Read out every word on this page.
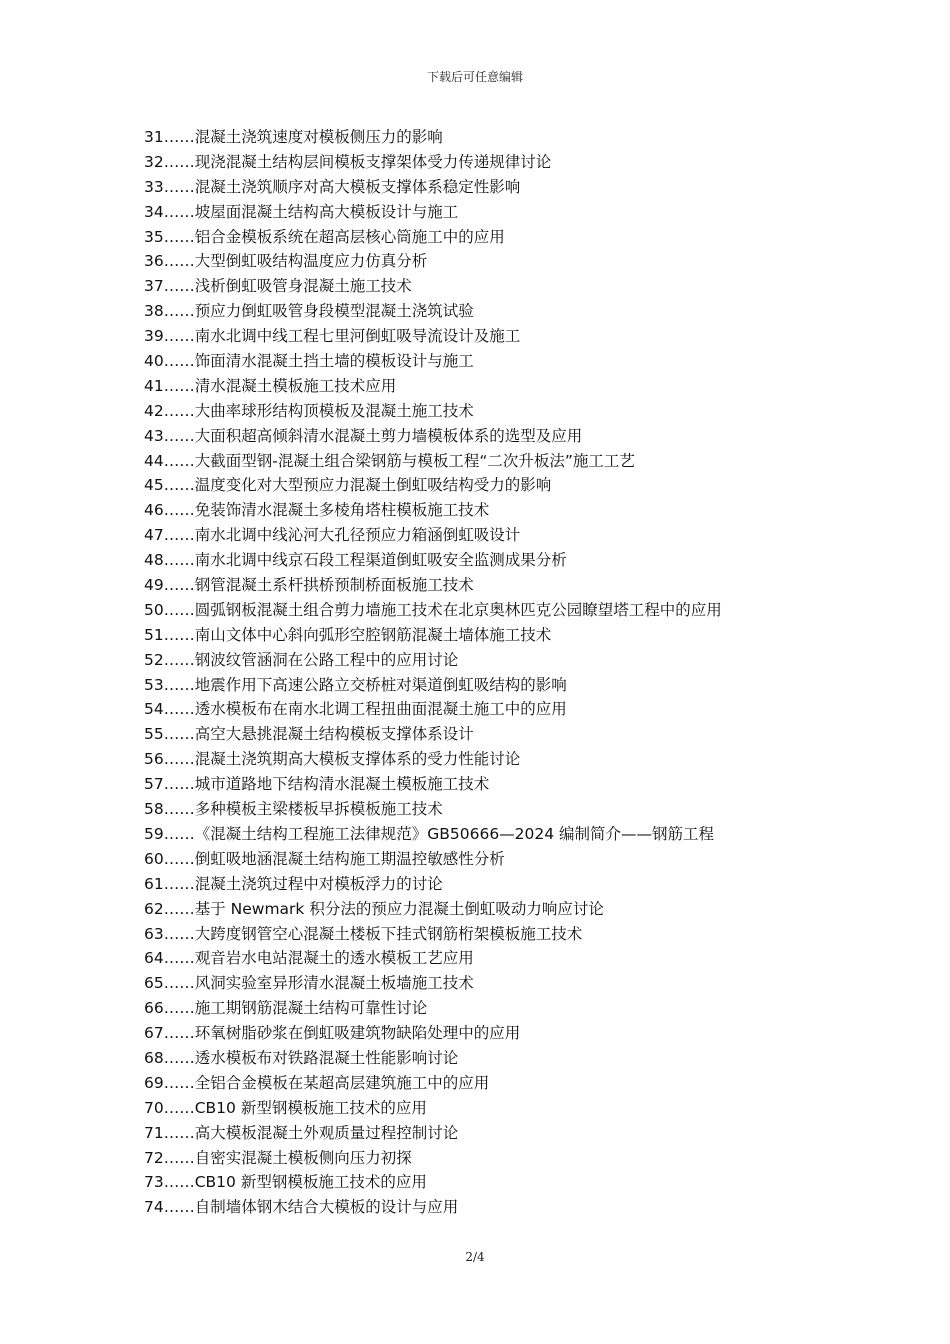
下载后可任意编辑
31……混凝土浇筑速度对模板侧压力的影响
32……现浇混凝土结构层间模板支撑架体受力传递规律讨论
33……混凝土浇筑顺序对高大模板支撑体系稳定性影响
34……坡屋面混凝土结构高大模板设计与施工
35……铝合金模板系统在超高层核心筒施工中的应用
36……大型倒虹吸结构温度应力仿真分析
37……浅析倒虹吸管身混凝土施工技术
38……预应力倒虹吸管身段模型混凝土浇筑试验
39……南水北调中线工程七里河倒虹吸导流设计及施工
40……饰面清水混凝土挡土墙的模板设计与施工
41……清水混凝土模板施工技术应用
42……大曲率球形结构顶模板及混凝土施工技术
43……大面积超高倾斜清水混凝土剪力墙模板体系的选型及应用
44……大截面型钢-混凝土组合梁钢筋与模板工程“二次升板法”施工工艺
45……温度变化对大型预应力混凝土倒虹吸结构受力的影响
46……免装饰清水混凝土多棱角塔柱模板施工技术
47……南水北调中线沁河大孔径预应力箱涵倒虹吸设计
48……南水北调中线京石段工程渠道倒虹吸安全监测成果分析
49……钢管混凝土系杆拱桥预制桥面板施工技术
50……圆弧钢板混凝土组合剪力墙施工技术在北京奥林匹克公园瞭望塔工程中的应用
51……南山文体中心斜向弧形空腔钢筋混凝土墙体施工技术
52……钢波纹管涵洞在公路工程中的应用讨论
53……地震作用下高速公路立交桥桩对渠道倒虹吸结构的影响
54……透水模板布在南水北调工程扭曲面混凝土施工中的应用
55……高空大悬挑混凝土结构模板支撑体系设计
56……混凝土浇筑期高大模板支撑体系的受力性能讨论
57……城市道路地下结构清水混凝土模板施工技术
58……多种模板主梁楼板早拆模板施工技术
59……《混凝土结构工程施工法律规范》GB50666—2024 编制简介——钢筋工程
60……倒虹吸地涵混凝土结构施工期温控敏感性分析
61……混凝土浇筑过程中对模板浮力的讨论
62……基于 Newmark 积分法的预应力混凝土倒虹吸动力响应讨论
63……大跨度钢管空心混凝土楼板下挂式钢筋桁架模板施工技术
64……观音岩水电站混凝土的透水模板工艺应用
65……风洞实验室异形清水混凝土板墙施工技术
66……施工期钢筋混凝土结构可靠性讨论
67……环氧树脂砂浆在倒虹吸建筑物缺陷处理中的应用
68……透水模板布对铁路混凝土性能影响讨论
69……全铝合金模板在某超高层建筑施工中的应用
70……CB10 新型钢模板施工技术的应用
71……高大模板混凝土外观质量过程控制讨论
72……自密实混凝土模板侧向压力初探
73……CB10 新型钢模板施工技术的应用
74……自制墙体钢木结合大模板的设计与应用
2/4
